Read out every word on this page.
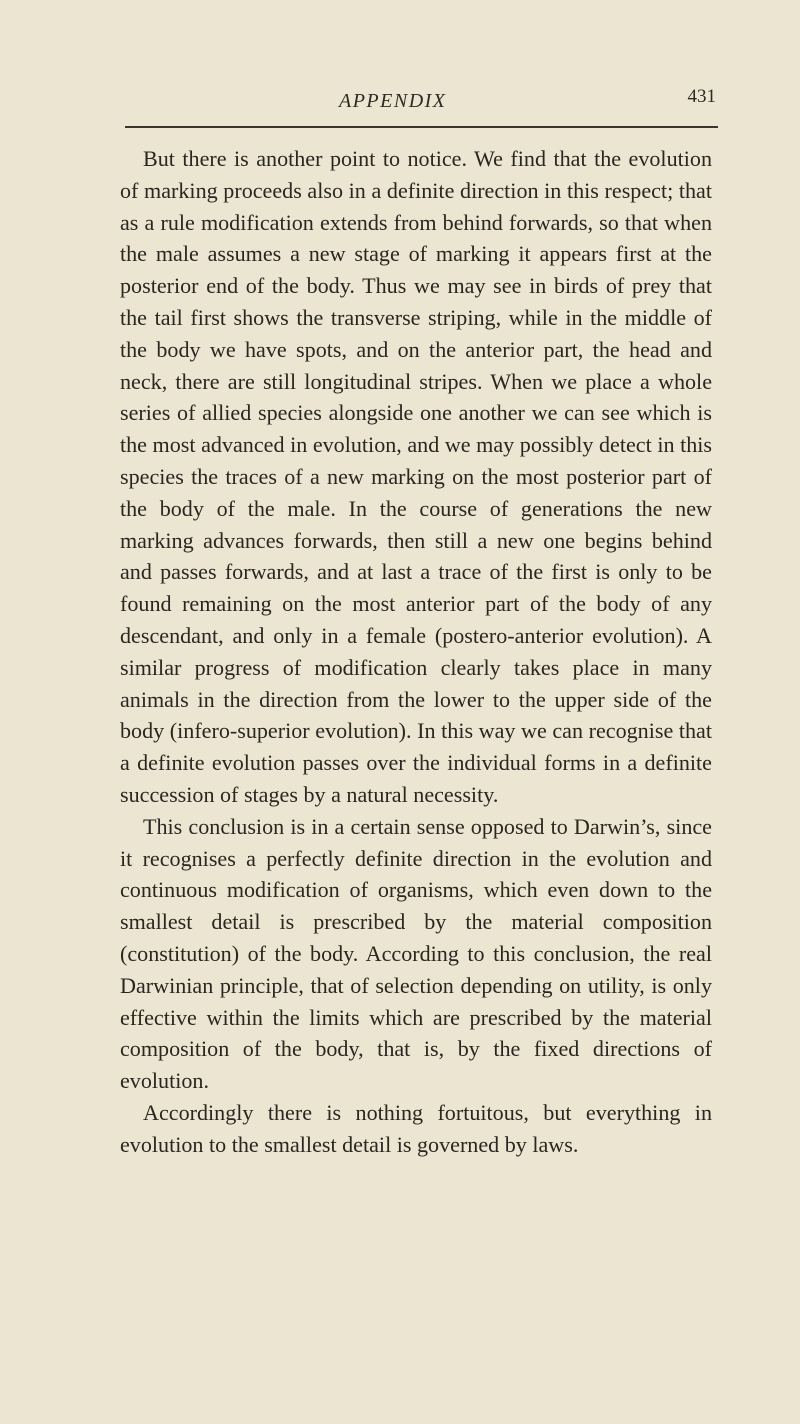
APPENDIX	431

But there is another point to notice. We find that the evolution of marking proceeds also in a definite direction in this respect; that as a rule modification extends from behind forwards, so that when the male assumes a new stage of marking it appears first at the posterior end of the body. Thus we may see in birds of prey that the tail first shows the transverse striping, while in the middle of the body we have spots, and on the anterior part, the head and neck, there are still longitudinal stripes. When we place a whole series of allied species alongside one another we can see which is the most advanced in evolution, and we may possibly detect in this species the traces of a new marking on the most posterior part of the body of the male. In the course of generations the new marking advances forwards, then still a new one begins behind and passes forwards, and at last a trace of the first is only to be found remaining on the most anterior part of the body of any descendant, and only in a female (postero-anterior evolution). A similar progress of modification clearly takes place in many animals in the direction from the lower to the upper side of the body (infero-superior evolution). In this way we can recognise that a definite evolution passes over the individual forms in a definite succession of stages by a natural necessity.

This conclusion is in a certain sense opposed to Darwin’s, since it recognises a perfectly definite direction in the evolution and continuous modification of organisms, which even down to the smallest detail is prescribed by the material composition (constitution) of the body. According to this conclusion, the real Darwinian principle, that of selection depending on utility, is only effective within the limits which are prescribed by the material composition of the body, that is, by the fixed directions of evolution.

Accordingly there is nothing fortuitous, but everything in evolution to the smallest detail is governed by laws.
